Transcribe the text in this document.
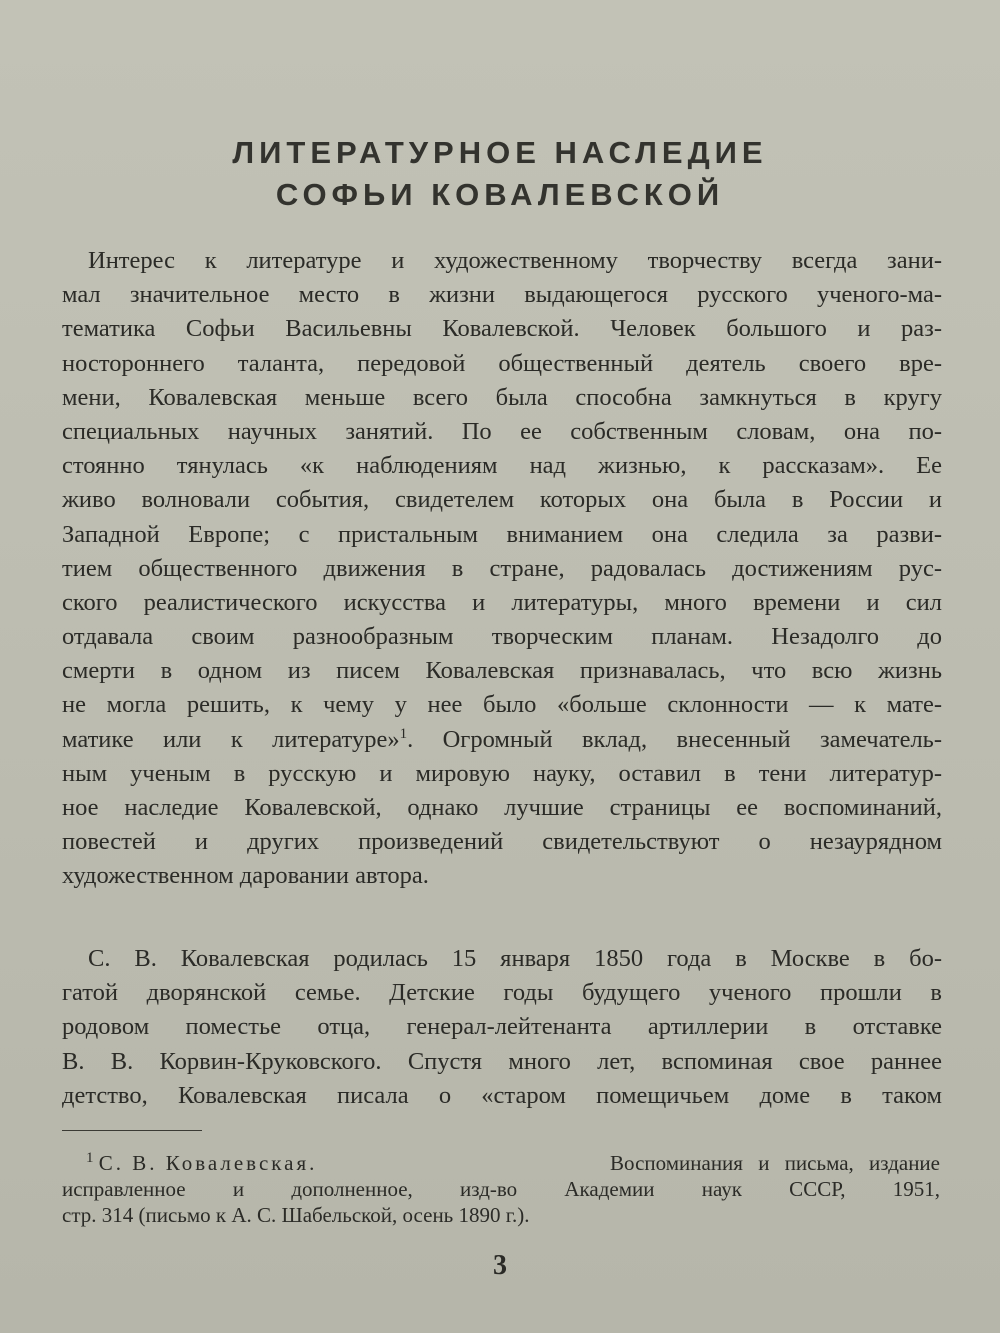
ЛИТЕРАТУРНОЕ НАСЛЕДИЕ
СОФЬИ КОВАЛЕВСКОЙ
Интерес к литературе и художественному творчеству всегда зани-
мал значительное место в жизни выдающегося русского ученого-ма-
тематика Софьи Васильевны Ковалевской. Человек большого и раз-
ностороннего таланта, передовой общественный деятель своего вре-
мени, Ковалевская меньше всего была способна замкнуться в кругу
специальных научных занятий. По ее собственным словам, она по-
стоянно тянулась «к наблюдениям над жизнью, к рассказам». Ее
живо волновали события, свидетелем которых она была в России и
Западной Европе; с пристальным вниманием она следила за разви-
тием общественного движения в стране, радовалась достижениям рус-
ского реалистического искусства и литературы, много времени и сил
отдавала своим разнообразным творческим планам. Незадолго до
смерти в одном из писем Ковалевская признавалась, что всю жизнь
не могла решить, к чему у нее было «больше склонности — к мате-
матике или к литературе»$^1$. Огромный вклад, внесенный замечатель-
ным ученым в русскую и мировую науку, оставил в тени литератур-
ное наследие Ковалевской, однако лучшие страницы ее воспоминаний,
повестей и других произведений свидетельствуют о незаурядном
художественном даровании автора.
С. В. Ковалевская родилась 15 января 1850 года в Москве в бо-
гатой дворянской семье. Детские годы будущего ученого прошли в
родовом поместье отца, генерал-лейтенанта артиллерии в отставке
В. В. Корвин-Круковского. Спустя много лет, вспоминая свое раннее
детство, Ковалевская писала о «старом помещичьем доме в таком
$^1$ С. В. Ковалевская.	Воспоминания и письма, издание
исправленное и дополненное, изд-во Академии наук СССР, 1951,
стр. 314 (письмо к А. С. Шабельской, осень 1890 г.).
3
